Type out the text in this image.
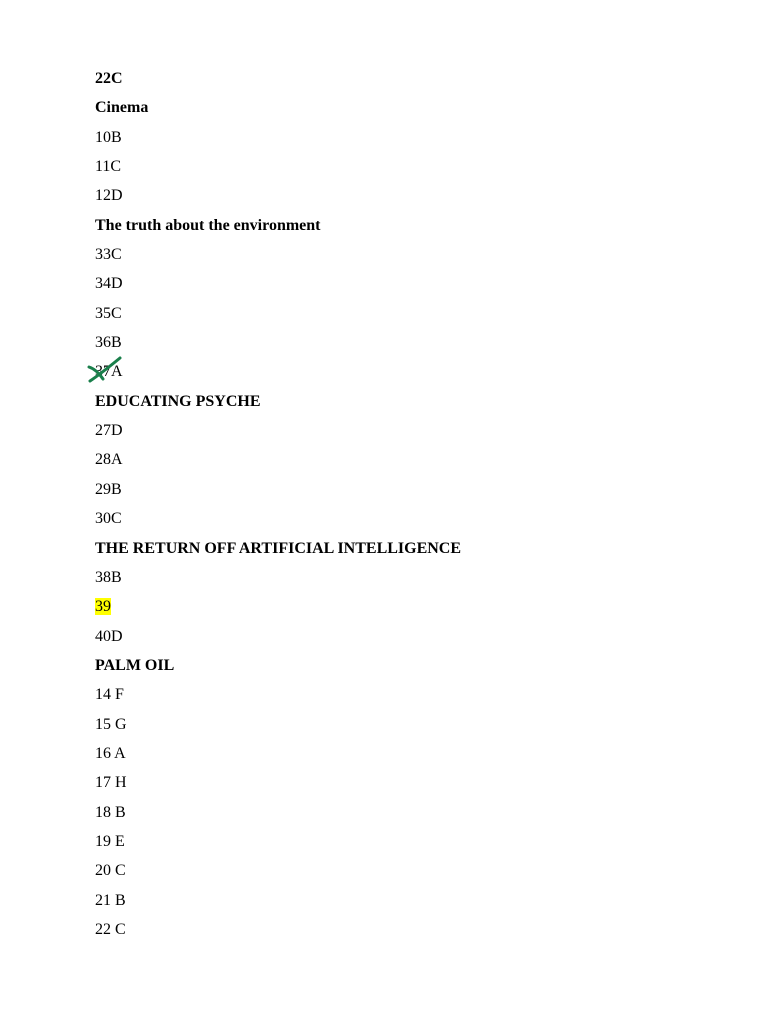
22C
Cinema
10B
11C
12D
The truth about the environment
33C
34D
35C
36B
37A
EDUCATING PSYCHE
27D
28A
29B
30C
THE RETURN OFF ARTIFICIAL INTELLIGENCE
38B
39
40D
PALM OIL
14 F
15 G
16 A
17 H
18 B
19 E
20 C
21 B
22 C
